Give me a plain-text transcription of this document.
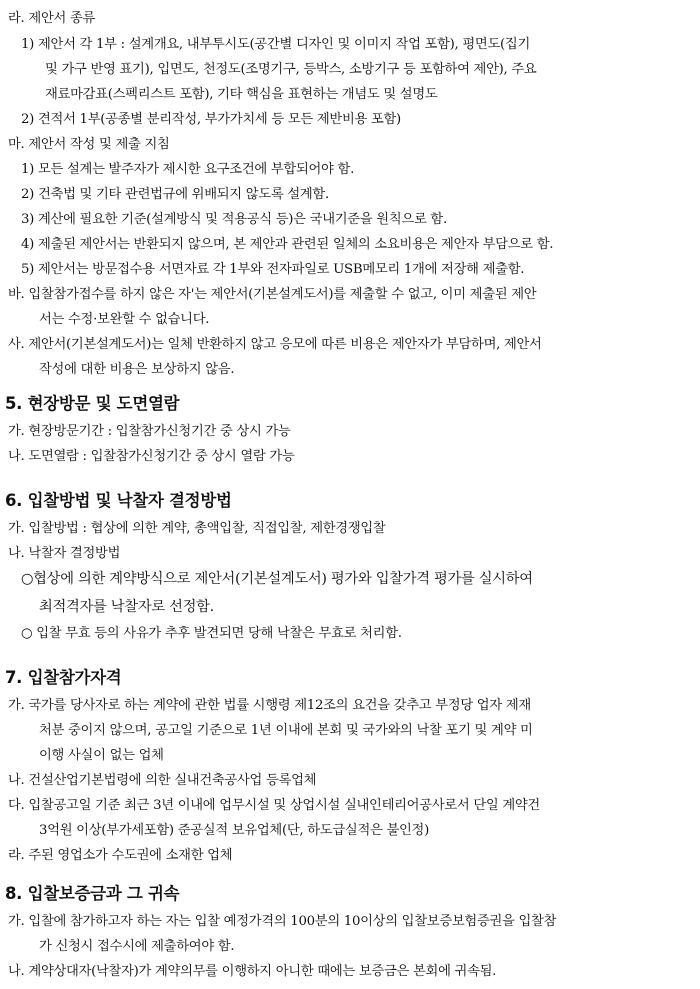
라. 제안서 종류
1) 제안서 각 1부 : 설계개요, 내부투시도(공간별 디자인 및 이미지 작업 포함), 평면도(집기
및 가구 반영 표기), 입면도, 천정도(조명기구, 등박스, 소방기구 등 포함하여 제안), 주요
재료마감표(스펙리스트 포함), 기타 핵심을 표현하는 개념도 및 설명도
2) 견적서 1부(공종별 분리작성, 부가가치세 등 모든 제반비용 포함)
마. 제안서 작성 및 제출 지침
1) 모든 설계는 발주자가 제시한 요구조건에 부합되어야 함.
2) 건축법 및 기타 관련법규에 위배되지 않도록 설계함.
3) 계산에 필요한 기준(설계방식 및 적용공식 등)은 국내기준을 원칙으로 함.
4) 제출된 제안서는 반환되지 않으며, 본 제안과 관련된 일체의 소요비용은 제안자 부담으로 함.
5) 제안서는 방문접수용 서면자료 각 1부와 전자파일로 USB메모리 1개에 저장해 제출함.
바. 입찰참가접수를 하지 않은 자'는 제안서(기본설계도서)를 제출할 수 없고, 이미 제출된 제안
서는 수정·보완할 수 없습니다.
사. 제안서(기본설계도서)는 일체 반환하지 않고 응모에 따른 비용은 제안자가 부담하며, 제안서
작성에 대한 비용은 보상하지 않음.
5. 현장방문 및 도면열람
가. 현장방문기간 : 입찰참가신청기간 중 상시 가능
나. 도면열람 : 입찰참가신청기간 중 상시 열람 가능
6. 입찰방법 및 낙찰자 결정방법
가. 입찰방법 : 협상에 의한 계약, 총액입찰, 직접입찰, 제한경쟁입찰
나. 낙찰자 결정방법
○협상에 의한 계약방식으로 제안서(기본설계도서) 평가와 입찰가격 평가를 실시하여
최적격자를 낙찰자로 선정함.
○ 입찰 무효 등의 사유가 추후 발견되면 당해 낙찰은 무효로 처리함.
7. 입찰참가자격
가. 국가를 당사자로 하는 계약에 관한 법률 시행령 제12조의 요건을 갖추고 부정당 업자 제재
처분 중이지 않으며, 공고일 기준으로 1년 이내에 본회 및 국가와의 낙찰 포기 및 계약 미
이행 사실이 없는 업체
나. 건설산업기본법령에 의한 실내건축공사업 등록업체
다. 입찰공고일 기준 최근 3년 이내에 업무시설 및 상업시설 실내인테리어공사로서 단일 계약건
3억원 이상(부가세포함) 준공실적 보유업체(단, 하도급실적은 불인정)
라. 주된 영업소가 수도권에 소재한 업체
8. 입찰보증금과 그 귀속
가. 입찰에 참가하고자 하는 자는 입찰 예정가격의 100분의 10이상의 입찰보증보험증권을 입찰참
가 신청시 접수시에 제출하여야 함.
나. 계약상대자(낙찰자)가 계약의무를 이행하지 아니한 때에는 보증금은 본회에 귀속됨.
